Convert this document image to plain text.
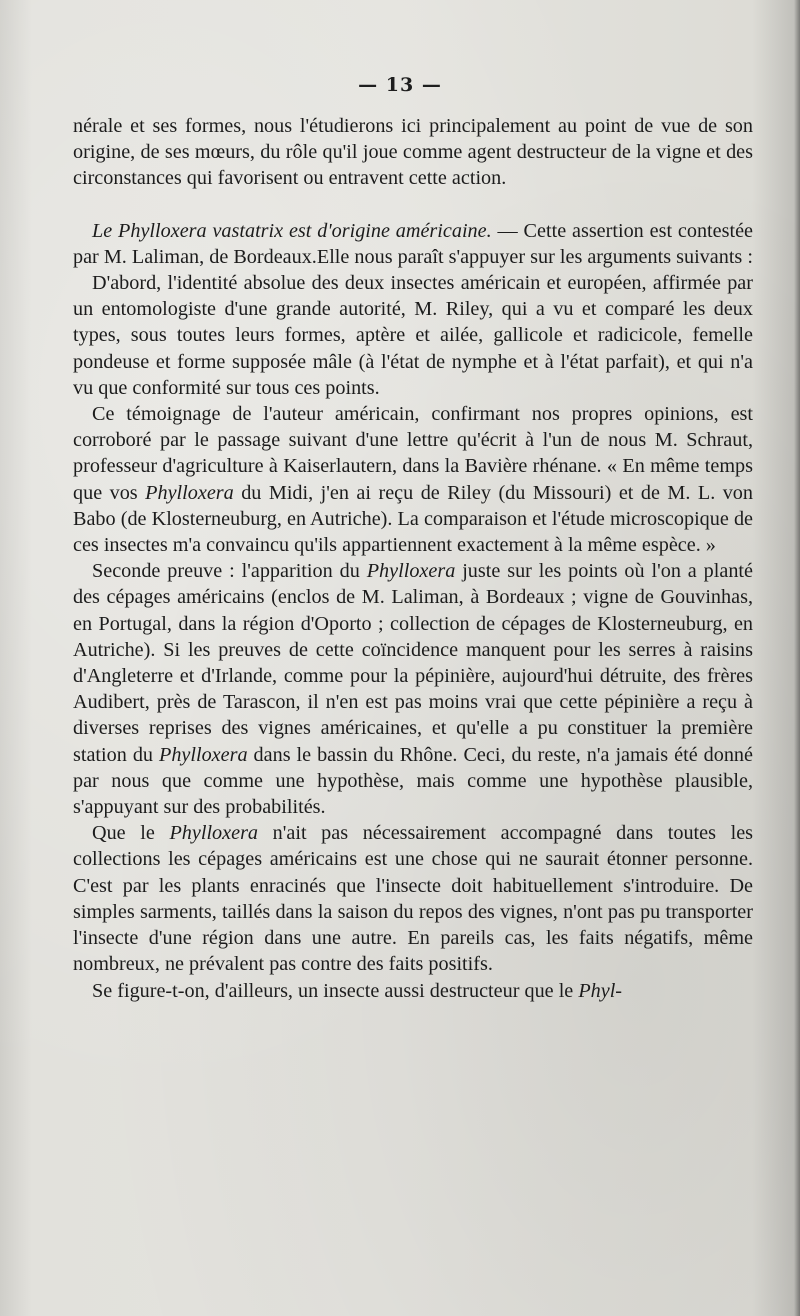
— 13 —

nérale et ses formes, nous l'étudierons ici principalement au point de vue de son origine, de ses mœurs, du rôle qu'il joue comme agent destructeur de la vigne et des circonstances qui favorisent ou entravent cette action.

Le Phylloxera vastatrix est d'origine américaine. — Cette assertion est contestée par M. Laliman, de Bordeaux.Elle nous paraît s'appuyer sur les arguments suivants :

D'abord, l'identité absolue des deux insectes américain et européen, affirmée par un entomologiste d'une grande autorité, M. Riley, qui a vu et comparé les deux types, sous toutes leurs formes, aptère et ailée, gallicole et radicicole, femelle pondeuse et forme supposée mâle (à l'état de nymphe et à l'état parfait), et qui n'a vu que conformité sur tous ces points.

Ce témoignage de l'auteur américain, confirmant nos propres opinions, est corroboré par le passage suivant d'une lettre qu'écrit à l'un de nous M. Schraut, professeur d'agriculture à Kaiserlautern, dans la Bavière rhénane. « En même temps que vos Phylloxera du Midi, j'en ai reçu de Riley (du Missouri) et de M. L. von Babo (de Klosterneuburg, en Autriche). La comparaison et l'étude microscopique de ces insectes m'a convaincu qu'ils appartiennent exactement à la même espèce. »

Seconde preuve : l'apparition du Phylloxera juste sur les points où l'on a planté des cépages américains (enclos de M. Laliman, à Bordeaux ; vigne de Gouvinhas, en Portugal, dans la région d'Oporto ; collection de cépages de Klosterneuburg, en Autriche). Si les preuves de cette coïncidence manquent pour les serres à raisins d'Angleterre et d'Irlande, comme pour la pépinière, aujourd'hui détruite, des frères Audibert, près de Tarascon, il n'en est pas moins vrai que cette pépinière a reçu à diverses reprises des vignes américaines, et qu'elle a pu constituer la première station du Phylloxera dans le bassin du Rhône. Ceci, du reste, n'a jamais été donné par nous que comme une hypothèse, mais comme une hypothèse plausible, s'appuyant sur des probabilités.

Que le Phylloxera n'ait pas nécessairement accompagné dans toutes les collections les cépages américains est une chose qui ne saurait étonner personne. C'est par les plants enracinés que l'insecte doit habituellement s'introduire. De simples sarments, taillés dans la saison du repos des vignes, n'ont pas pu transporter l'insecte d'une région dans une autre. En pareils cas, les faits négatifs, même nombreux, ne prévalent pas contre des faits positifs.

Se figure-t-on, d'ailleurs, un insecte aussi destructeur que le Phyl-
